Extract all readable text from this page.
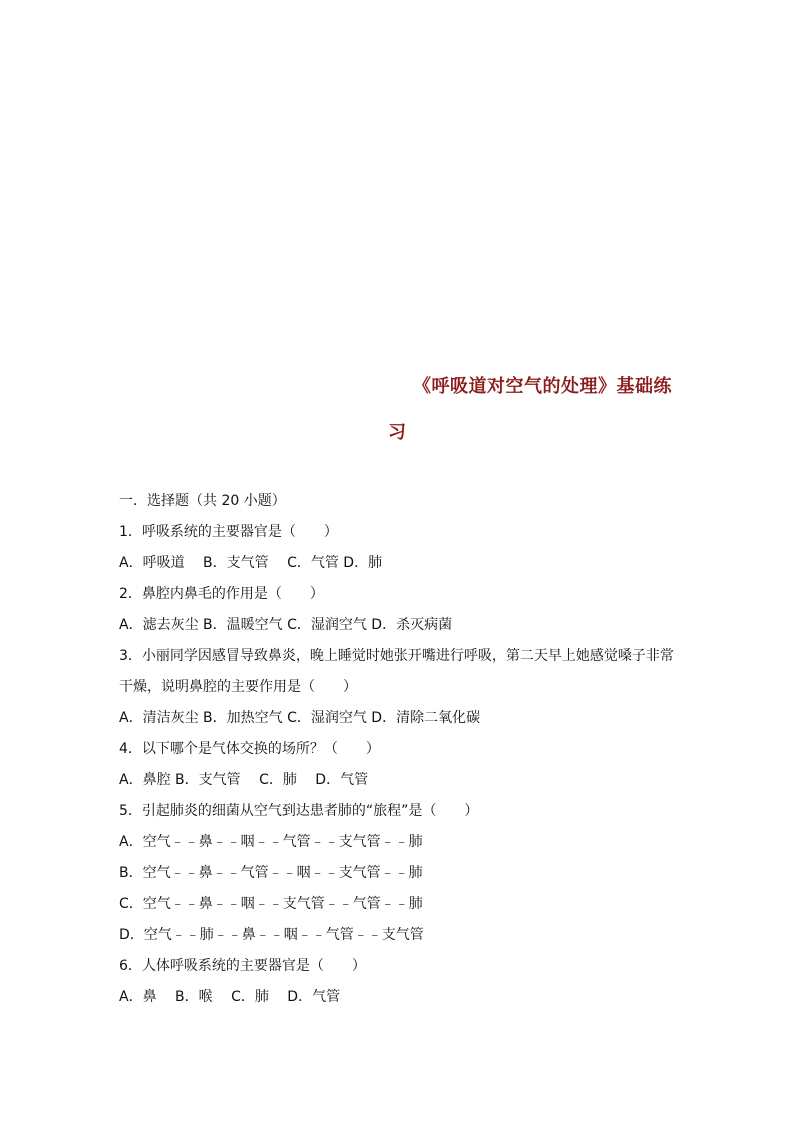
《呼吸道对空气的处理》基础练
习
一．选择题（共 20 小题）
1．呼吸系统的主要器官是（　　）
A．呼吸道　 B．支气管　 C．气管 D．肺
2．鼻腔内鼻毛的作用是（　　）
A．滤去灰尘 B．温暖空气 C．湿润空气 D．杀灭病菌
3．小丽同学因感冒导致鼻炎，晚上睡觉时她张开嘴进行呼吸，第二天早上她感觉嗓子非常
干燥，说明鼻腔的主要作用是（　　）
A．清洁灰尘 B．加热空气 C．湿润空气 D．清除二氧化碳
4．以下哪个是气体交换的场所？（　　）
A．鼻腔 B．支气管　 C．肺　 D．气管
5．引起肺炎的细菌从空气到达患者肺的“旅程”是（　　）
A．空气﹣﹣鼻﹣﹣咽﹣﹣气管﹣﹣支气管﹣﹣肺
B．空气﹣﹣鼻﹣﹣气管﹣﹣咽﹣﹣支气管﹣﹣肺
C．空气﹣﹣鼻﹣﹣咽﹣﹣支气管﹣﹣气管﹣﹣肺
D．空气﹣﹣肺﹣﹣鼻﹣﹣咽﹣﹣气管﹣﹣支气管
6．人体呼吸系统的主要器官是（　　）
A．鼻　 B．喉　 C．肺　 D．气管
